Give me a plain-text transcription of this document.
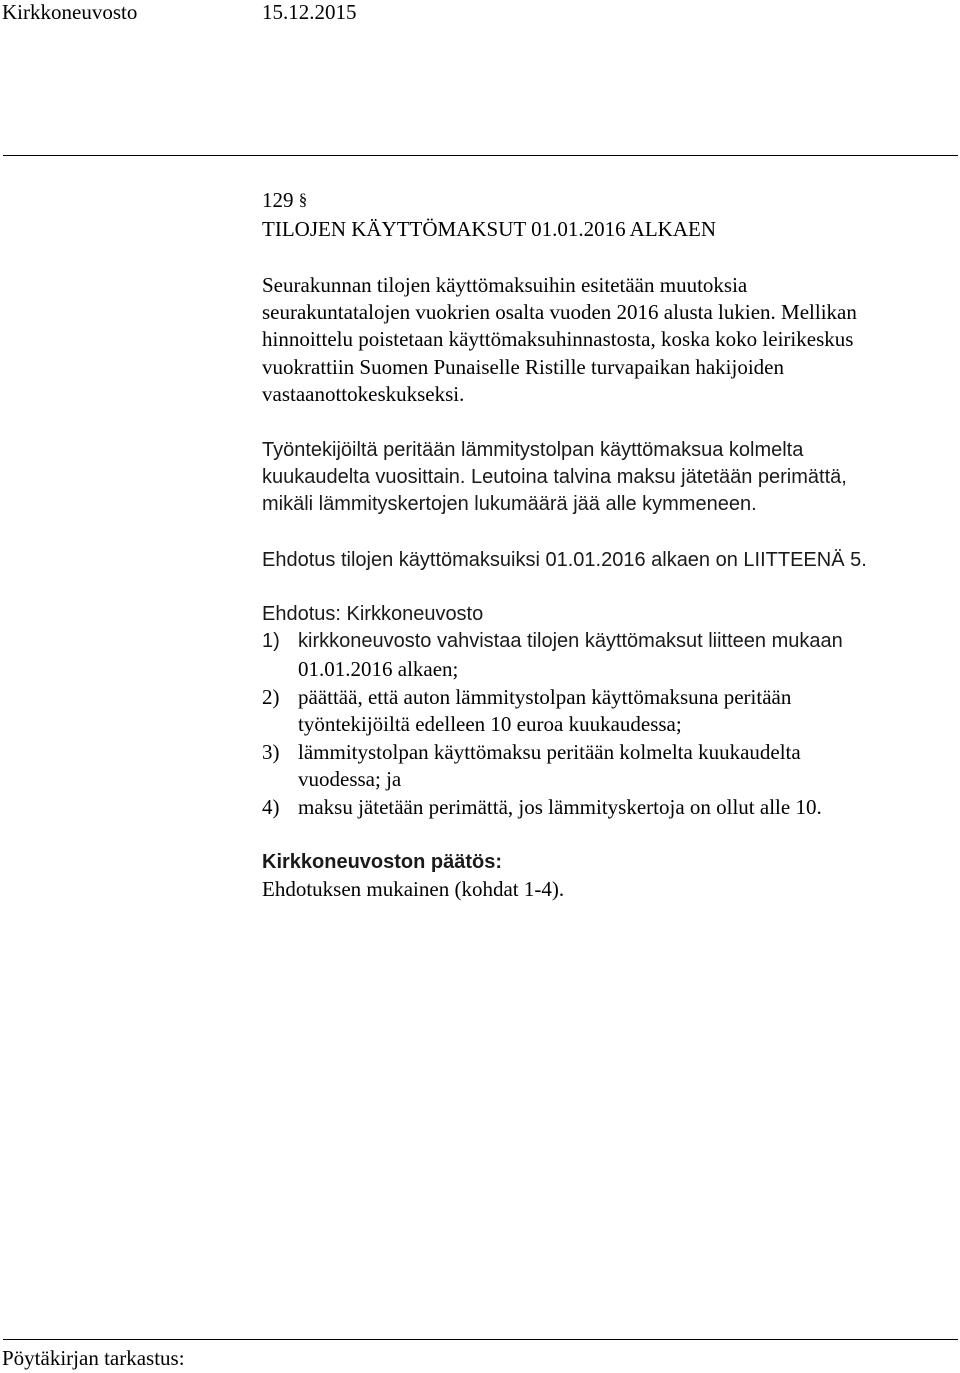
Kirkkoneuvosto	15.12.2015
129 §
TILOJEN KÄYTTÖMAKSUT 01.01.2016 ALKAEN
Seurakunnan tilojen käyttömaksuihin esitetään muutoksia
seurakuntatalojen vuokrien osalta vuoden 2016 alusta lukien. Mellikan
hinnoittelu poistetaan käyttömaksuhinnastosta, koska koko leirikeskus
vuokrattiin Suomen Punaiselle Ristille turvapaikan hakijoiden
vastaanottokeskukseksi.
Työntekijöiltä peritään lämmitystolpan käyttömaksua kolmelta
kuukaudelta vuosittain. Leutoina talvina maksu jätetään perimättä,
mikäli lämmityskertojen lukumäärä jää alle kymmeneen.
Ehdotus tilojen käyttömaksuiksi 01.01.2016 alkaen on LIITTEENÄ 5.
Ehdotus: Kirkkoneuvosto
1) kirkkoneuvosto vahvistaa tilojen käyttömaksut liitteen mukaan
01.01.2016 alkaen;
2) päättää, että auton lämmitystolpan käyttömaksuna peritään
työntekijöiltä edelleen 10 euroa kuukaudessa;
3) lämmitystolpan käyttömaksu peritään kolmelta kuukaudelta
vuodessa; ja
4) maksu jätetään perimättä, jos lämmityskertoja on ollut alle 10.
Kirkkoneuvoston päätös:
Ehdotuksen mukainen (kohdat 1-4).
Pöytäkirjan tarkastus:
